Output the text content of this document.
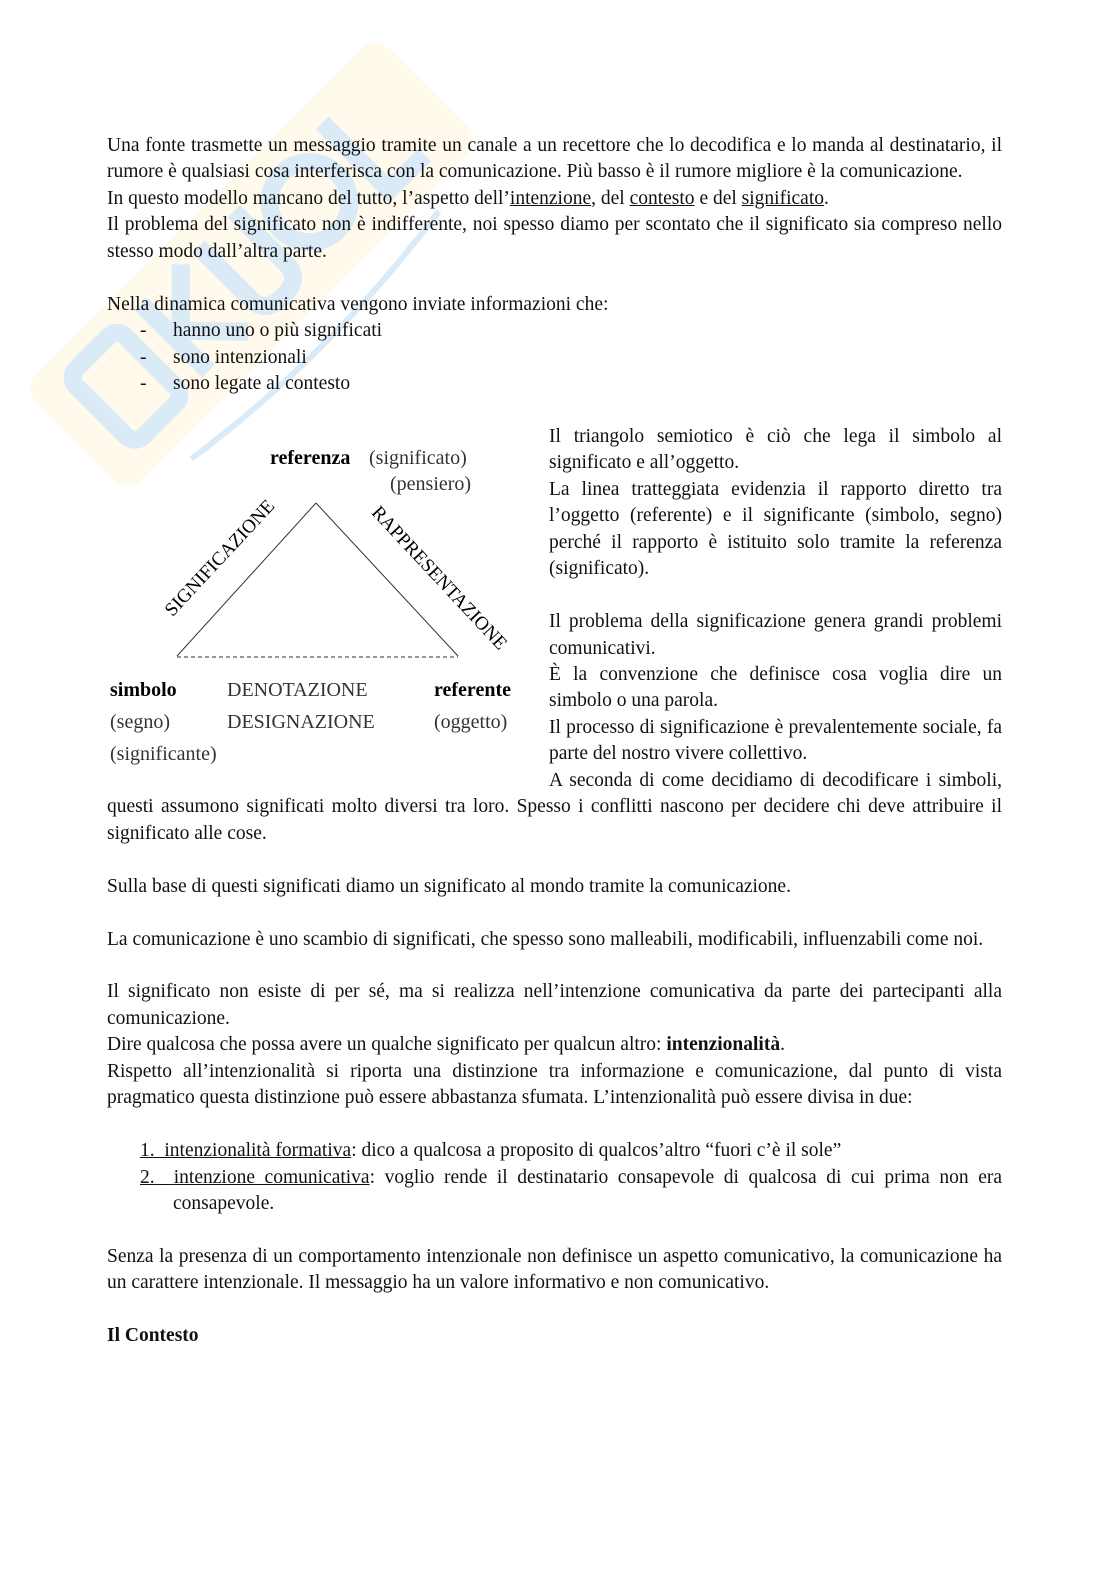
Una fonte trasmette un messaggio tramite un canale a un recettore che lo decodifica e lo manda al destinatario, il rumore è qualsiasi cosa interferisca con la comunicazione. Più basso è il rumore migliore è la comunicazione.
In questo modello mancano del tutto, l’aspetto dell’intenzione, del contesto e del significato.
Il problema del significato non è indifferente, noi spesso diamo per scontato che il significato sia compreso nello stesso modo dall’altra parte.

Nella dinamica comunicativa vengono inviate informazioni che:

- hanno uno o più significati
- sono intenzionali
- sono legate al contesto
referenza (significato)
(pensiero)
SIGNIFICAZIONE	RAPPRESENTAZIONE
simbolo
(segno)
(significante)
DENOTAZIONE
DESIGNAZIONE
referente
(oggetto)

Il triangolo semiotico è ciò che lega il simbolo al significato e all’oggetto.
La linea tratteggiata evidenzia il rapporto diretto tra l’oggetto (referente) e il significante (simbolo, segno) perché il rapporto è istituito solo tramite la referenza (significato).

Il problema della significazione genera grandi problemi comunicativi.
È la convenzione che definisce cosa voglia dire un simbolo o una parola.
Il processo di significazione è prevalentemente sociale, fa parte del nostro vivere collettivo.
A seconda di come decidiamo di decodificare i simboli, questi assumono significati molto diversi tra loro. Spesso i conflitti nascono per decidere chi deve attribuire il significato alle cose.

Sulla base di questi significati diamo un significato al mondo tramite la comunicazione.

La comunicazione è uno scambio di significati, che spesso sono malleabili, modificabili, influenzabili come noi.

Il significato non esiste di per sé, ma si realizza nell’intenzione comunicativa da parte dei partecipanti alla comunicazione.
Dire qualcosa che possa avere un qualche significato per qualcun altro: intenzionalità.
Rispetto all’intenzionalità si riporta una distinzione tra informazione e comunicazione, dal punto di vista pragmatico questa distinzione può essere abbastanza sfumata. L’intenzionalità può essere divisa in due:

1. intenzionalità formativa: dico a qualcosa a proposito di qualcos’altro “fuori c’è il sole”
2. intenzione comunicativa: voglio rende il destinatario consapevole di qualcosa di cui prima non era consapevole.

Senza la presenza di un comportamento intenzionale non definisce un aspetto comunicativo, la comunicazione ha un carattere intenzionale. Il messaggio ha un valore informativo e non comunicativo.

Il Contesto
